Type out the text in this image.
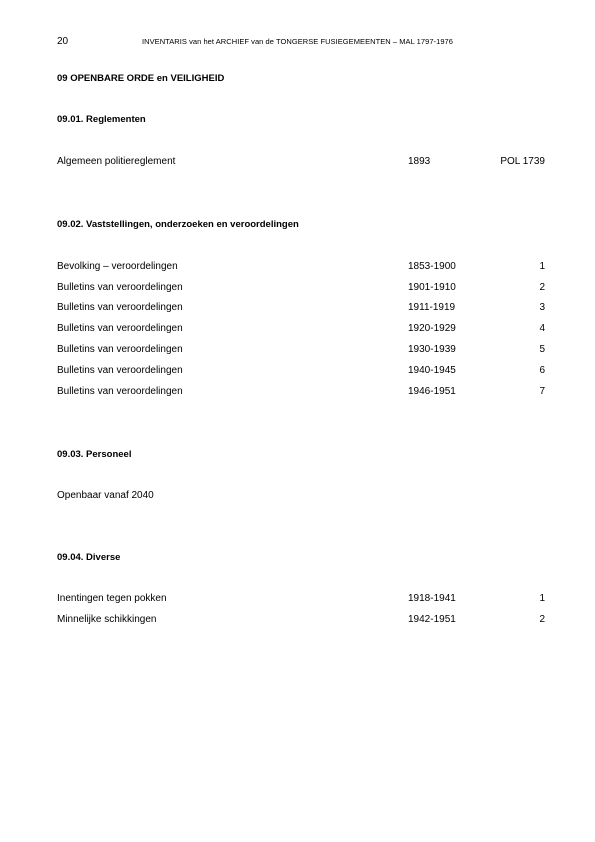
20	INVENTARIS van het ARCHIEF van de TONGERSE FUSIEGEMEENTEN – MAL 1797-1976
09 OPENBARE ORDE en VEILIGHEID
09.01. Reglementen
Algemeen politiereglement	1893	POL 1739
09.02. Vaststellingen, onderzoeken en veroordelingen
Bevolking – veroordelingen	1853-1900	1
Bulletins van veroordelingen	1901-1910	2
Bulletins van veroordelingen	1911-1919	3
Bulletins van veroordelingen	1920-1929	4
Bulletins van veroordelingen	1930-1939	5
Bulletins van veroordelingen	1940-1945	6
Bulletins van veroordelingen	1946-1951	7
09.03. Personeel
Openbaar vanaf 2040
09.04. Diverse
Inentingen tegen pokken	1918-1941	1
Minnelijke schikkingen	1942-1951	2
